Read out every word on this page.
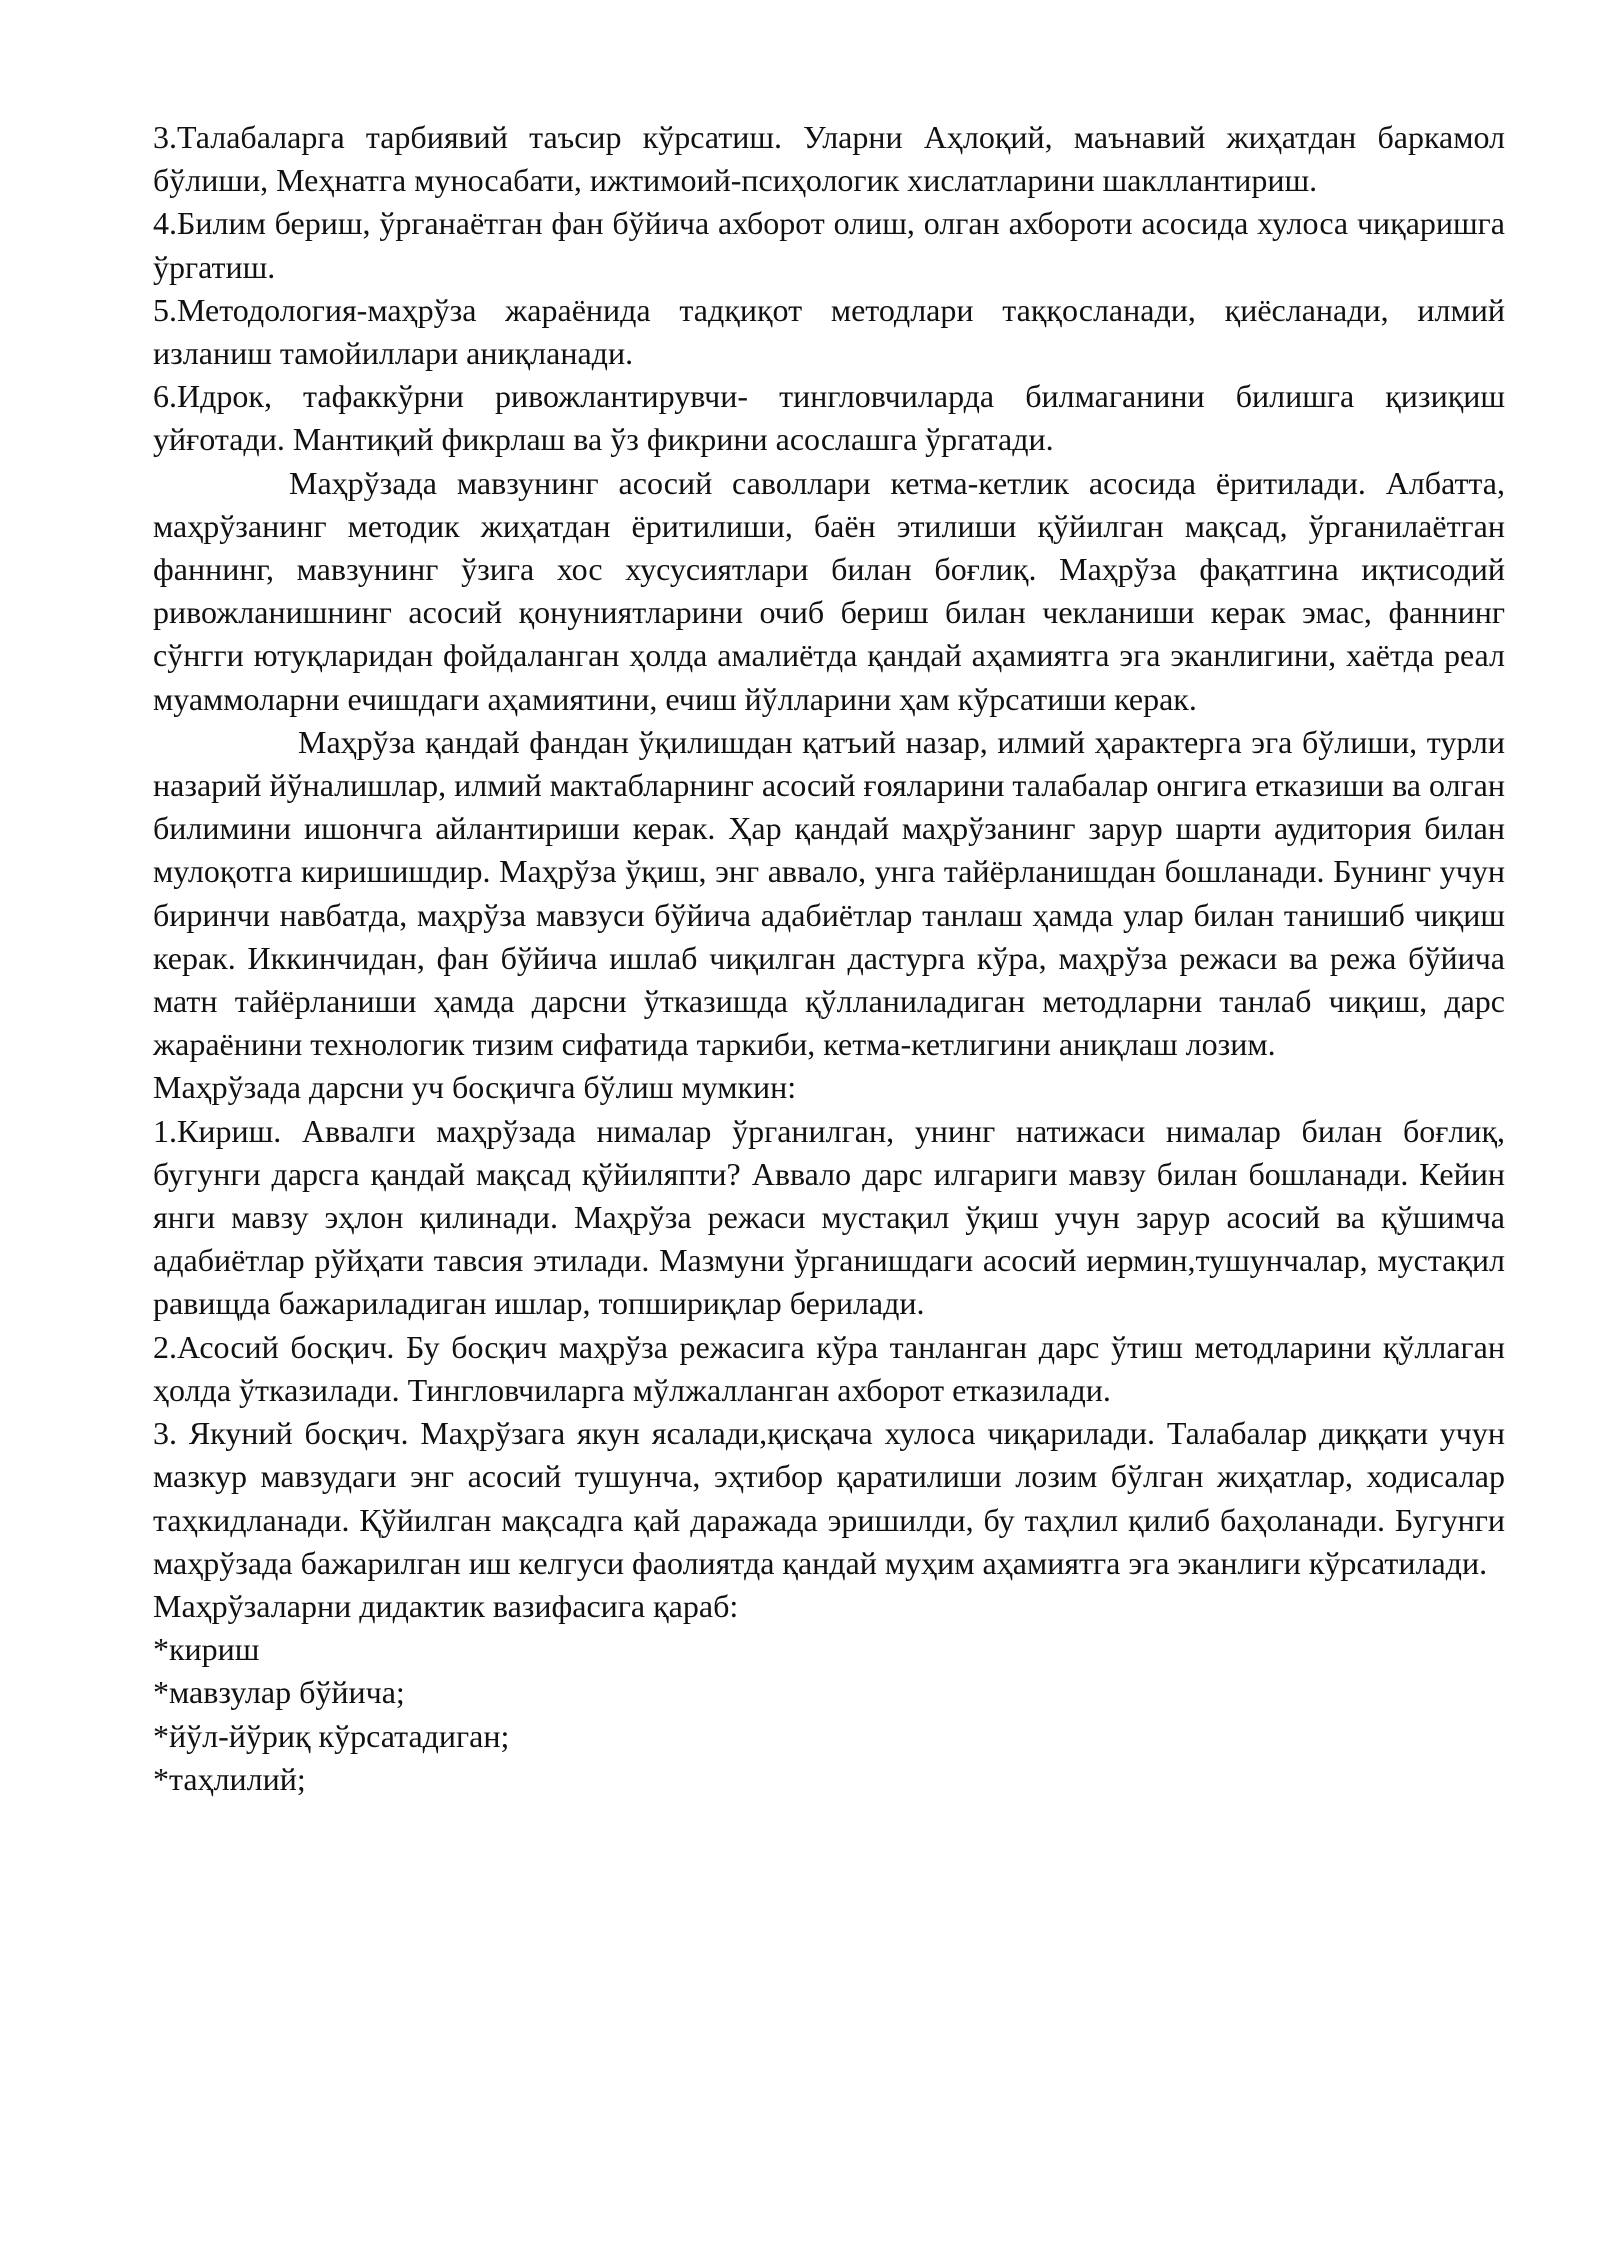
3.Талабаларга тарбиявий таъсир кўрсатиш. Уларни Аҳлоқий, маънавий жиҳатдан баркамол бўлиши, Меҳнатга муносабати, ижтимоий-псиҳологик хислатларини шакллантириш.

4.Билим бериш, ўрганаётган фан бўйича ахборот олиш, олган ахбороти асосида хулоса чиқаришга ўргатиш.

5.Методология-маҳрўза жараёнида тадқиқот методлари таққосланади, қиёсланади, илмий изланиш тамойиллари аниқланади.

6.Идрок, тафаккўрни ривожлантирувчи- тингловчиларда билмаганини билишга қизиқиш уйғотади. Мантиқий фикрлаш ва ўз фикрини асослашга ўргатади.

Маҳрўзада мавзунинг асосий саволлари кетма-кетлик асосида ёритилади. Албатта, маҳрўзанинг методик жиҳатдан ёритилиши, баён этилиши қўйилган мақсад, ўрганилаётган фаннинг, мавзунинг ўзига хос хусусиятлари билан боғлиқ. Маҳрўза фақатгина иқтисодий ривожланишнинг асосий қонуниятларини очиб бериш билан чекланиши керак эмас, фаннинг сўнгги ютуқларидан фойдаланган ҳолда амалиётда қандай аҳамиятга эга эканлигини, хаётда реал муаммоларни ечишдаги аҳамиятини, ечиш йўлларини ҳам кўрсатиши керак.

Маҳрўза қандай фандан ўқилишдан қатъий назар, илмий ҳарактерга эга бўлиши, турли назарий йўналишлар, илмий мактабларнинг асосий ғояларини талабалар онгига етказиши ва олган билимини ишончга айлантириши керак. Ҳар қандай маҳрўзанинг зарур шарти аудитория билан мулоқотга киришишдир. Маҳрўза ўқиш, энг аввало, унга тайёрланишдан бошланади. Бунинг учун биринчи навбатда, маҳрўза мавзуси бўйича адабиётлар танлаш ҳамда улар билан танишиб чиқиш керак. Иккинчидан, фан бўйича ишлаб чиқилган дастурга кўра, маҳрўза режаси ва режа бўйича матн тайёрланиши ҳамда дарсни ўтказишда қўлланиладиган методларни танлаб чиқиш, дарс жараёнини технологик тизим сифатида таркиби, кетма-кетлигини аниқлаш лозим.

Маҳрўзада дарсни уч босқичга бўлиш мумкин:

1.Кириш. Аввалги маҳрўзада нималар ўрганилган, унинг натижаси нималар билан боғлиқ, бугунги дарсга қандай мақсад қўйиляпти? Аввало дарс илгариги мавзу билан бошланади. Кейин янги мавзу эҳлон қилинади. Маҳрўза режаси мустақил ўқиш учун зарур асосий ва қўшимча адабиётлар рўйҳати тавсия этилади. Мазмуни ўрганишдаги асосий иермин,тушунчалар, мустақил равищда бажариладиган ишлар, топшириқлар берилади.

2.Асосий босқич. Бу босқич маҳрўза режасига кўра танланган дарс ўтиш методларини қўллаган ҳолда ўтказилади. Тингловчиларга мўлжалланган ахборот етказилади.

3. Якуний босқич. Маҳрўзага якун ясалади,қисқача хулоса чиқарилади. Талабалар диққати учун мазкур мавзудаги энг асосий тушунча, эҳтибор қаратилиши лозим бўлган жиҳатлар, ходисалар таҳкидланади. Қўйилган мақсадга қай даражада эришилди, бу таҳлил қилиб баҳоланади. Бугунги маҳрўзада бажарилган иш келгуси фаолиятда қандай муҳим аҳамиятга эга эканлиги кўрсатилади.

Маҳрўзаларни дидактик вазифасига қараб:

*кириш

*мавзулар бўйича;

*йўл-йўриқ кўрсатадиган;

*таҳлилий;
